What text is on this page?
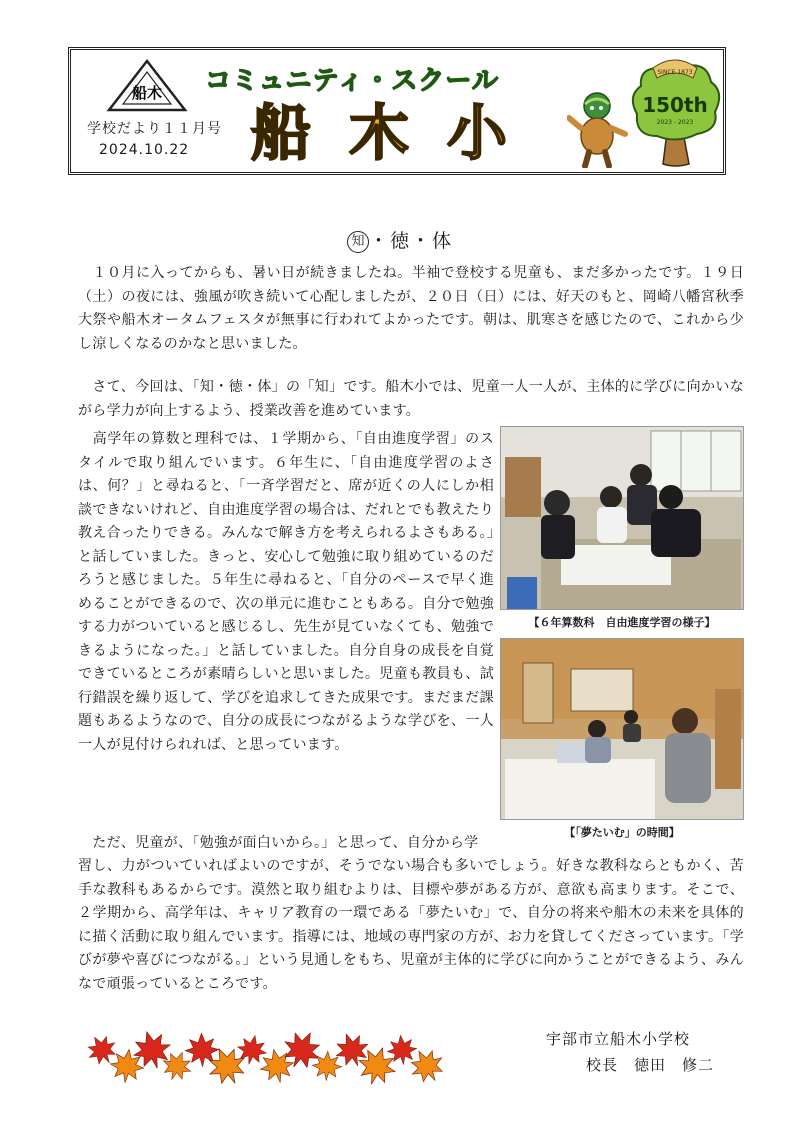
船木
学校だより１１月号
2024.10.22
コミュニティ・スクール
船木小
SINCE 1873
150th
2023 - 2023
知 ・徳・体

　１０月に入ってからも、暑い日が続きましたね。半袖で登校する児童も、まだ多かったです。１９日（土）の夜には、強風が吹き続いて心配しましたが、２０日（日）には、好天のもと、岡崎八幡宮秋季大祭や船木オータムフェスタが無事に行われてよかったです。朝は、肌寒さを感じたので、これから少し涼しくなるのかなと思いました。

　さて、今回は、「知・徳・体」の「知」です。船木小では、児童一人一人が、主体的に学びに向かいながら学力が向上するよう、授業改善を進めています。

　高学年の算数と理科では、１学期から、「自由進度学習」のスタイルで取り組んでいます。６年生に、「自由進度学習のよさは、何？」と尋ねると、「一斉学習だと、席が近くの人にしか相談できないけれど、自由進度学習の場合は、だれとでも教えたり教え合ったりできる。みんなで解き方を考えられるよさもある。」と話していました。きっと、安心して勉強に取り組めているのだろうと感じました。５年生に尋ねると、「自分のペースで早く進めることができるので、次の単元に進むこともある。自分で勉強する力がついていると感じるし、先生が見ていなくても、勉強できるようになった。」と話していました。自分自身の成長を自覚できているところが素晴らしいと思いました。児童も教員も、試行錯誤を繰り返して、学びを追求してきた成果です。まだまだ課題もあるようなので、自分の成長につながるような学びを、一人一人が見付けられれば、と思っています。

　ただ、児童が、「勉強が面白いから。」と思って、自分から学

習し、力がついていればよいのですが、そうでない場合も多いでしょう。好きな教科ならともかく、苦手な教科もあるからです。漠然と取り組むよりは、目標や夢がある方が、意欲も高まります。そこで、２学期から、高学年は、キャリア教育の一環である「夢たいむ」で、自分の将来や船木の未来を具体的に描く活動に取り組んでいます。指導には、地域の専門家の方が、お力を貸してくださっています。「学びが夢や喜びにつながる。」という見通しをもち、児童が主体的に学びに向かうことができるよう、みんなで頑張っているところです。

【６年算数科　自由進度学習の様子】
【「夢たいむ」の時間】
宇部市立船木小学校
校長　徳田　修二
